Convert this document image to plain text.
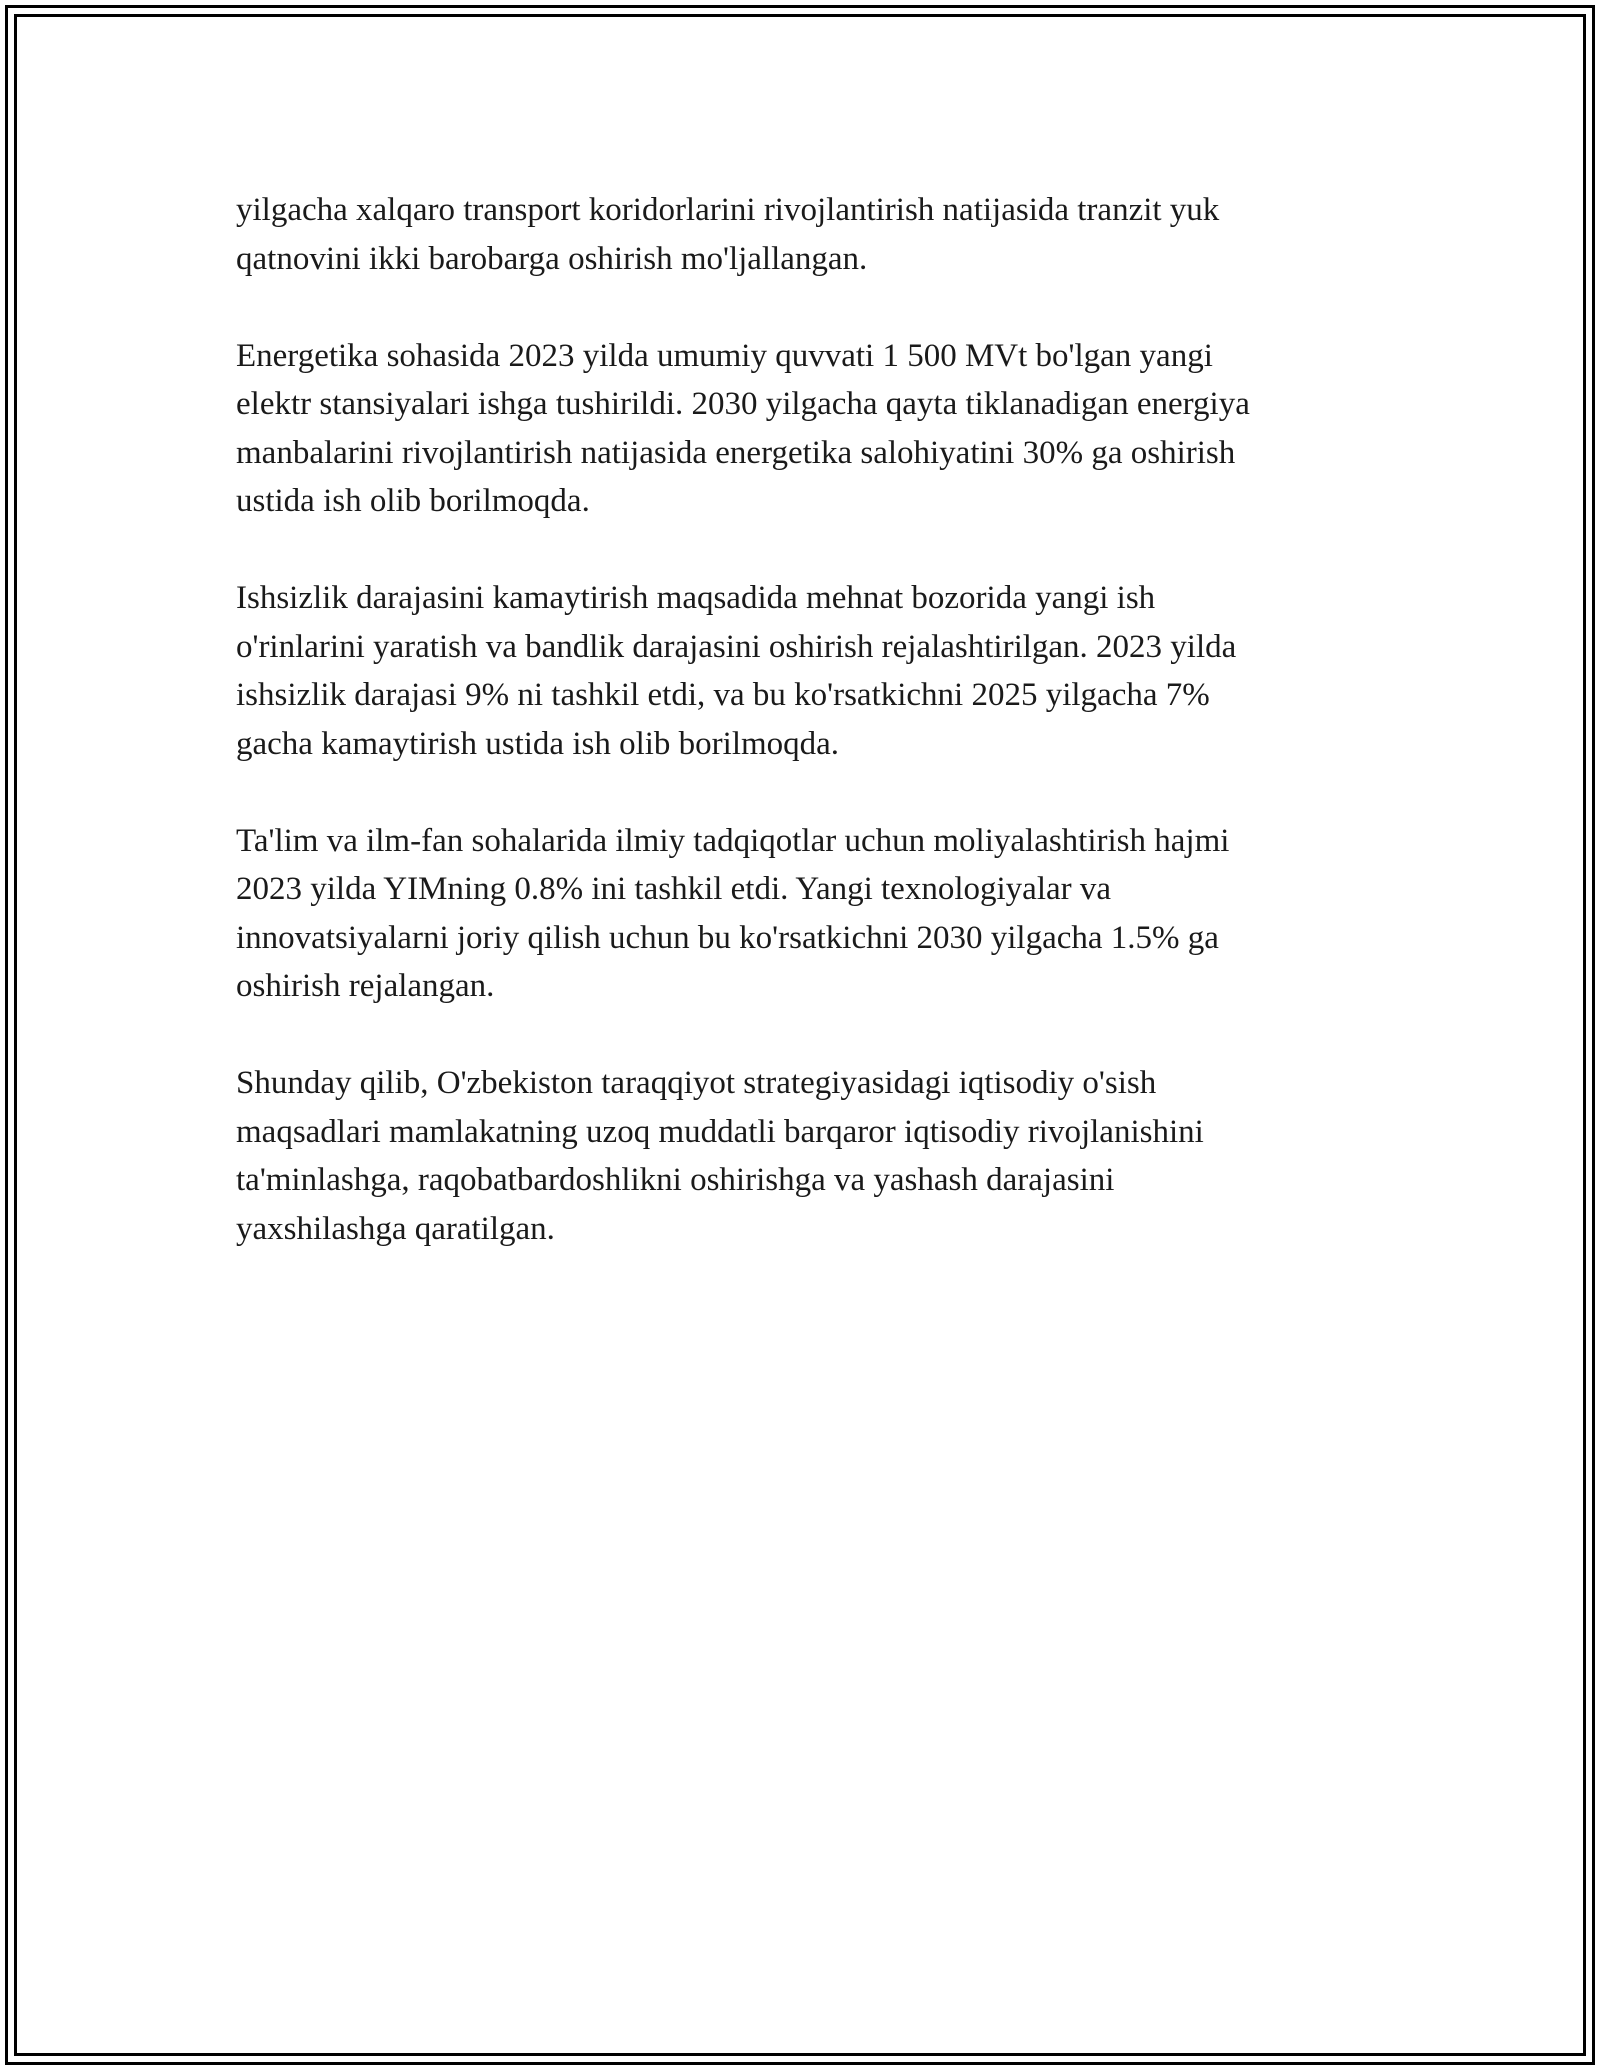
yilgacha xalqaro transport koridorlarini rivojlantirish natijasida tranzit yuk
qatnovini ikki barobarga oshirish mo'ljallangan.

Energetika sohasida 2023 yilda umumiy quvvati 1 500 MVt bo'lgan yangi
elektr stansiyalari ishga tushirildi. 2030 yilgacha qayta tiklanadigan energiya
manbalarini rivojlantirish natijasida energetika salohiyatini 30% ga oshirish
ustida ish olib borilmoqda.

Ishsizlik darajasini kamaytirish maqsadida mehnat bozorida yangi ish
o'rinlarini yaratish va bandlik darajasini oshirish rejalashtirilgan. 2023 yilda
ishsizlik darajasi 9% ni tashkil etdi, va bu ko'rsatkichni 2025 yilgacha 7%
gacha kamaytirish ustida ish olib borilmoqda.

Ta'lim va ilm-fan sohalarida ilmiy tadqiqotlar uchun moliyalashtirish hajmi
2023 yilda YIMning 0.8% ini tashkil etdi. Yangi texnologiyalar va
innovatsiyalarni joriy qilish uchun bu ko'rsatkichni 2030 yilgacha 1.5% ga
oshirish rejalangan.

Shunday qilib, O'zbekiston taraqqiyot strategiyasidagi iqtisodiy o'sish
maqsadlari mamlakatning uzoq muddatli barqaror iqtisodiy rivojlanishini
ta'minlashga, raqobatbardoshlikni oshirishga va yashash darajasini
yaxshilashga qaratilgan.
